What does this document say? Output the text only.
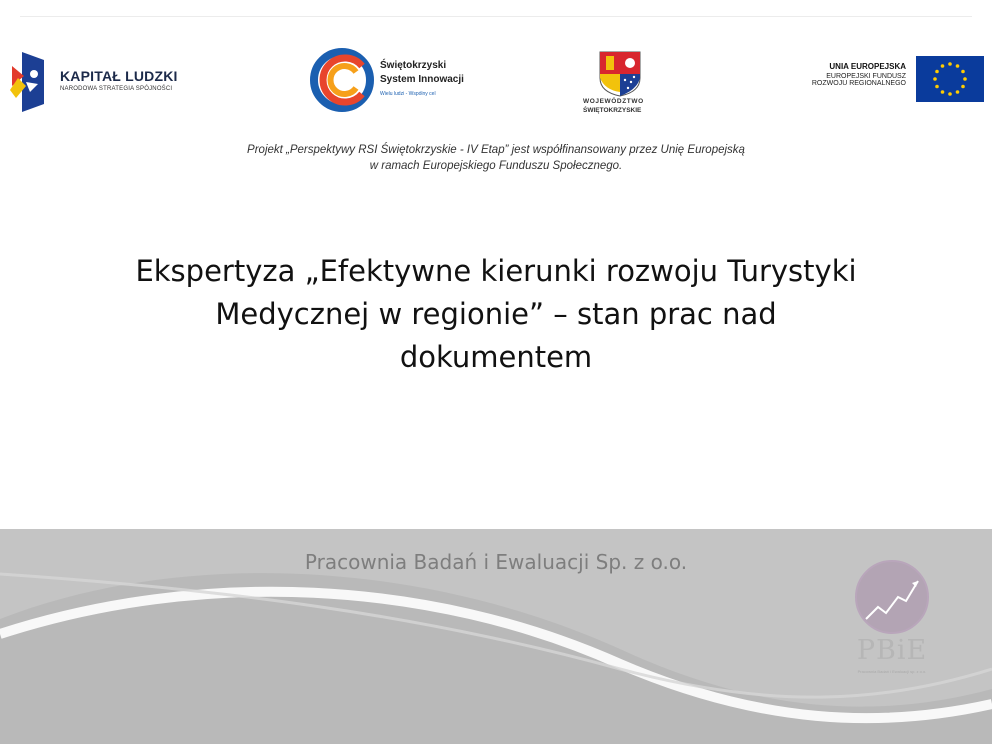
KAPITAŁ LUDZKI
NARODOWA STRATEGIA SPÓJNOŚCI
Świętokrzyski
System Innowacji
Wielu ludzi - Wspólny cel
WOJEWÓDZTWO
ŚWIĘTOKRZYSKIE
UNIA EUROPEJSKA
EUROPEJSKI FUNDUSZ
ROZWOJU REGIONALNEGO
Projekt „Perspektywy RSI Świętokrzyskie - IV Etap” jest współfinansowany przez Unię Europejską
w ramach Europejskiego Funduszu Społecznego.
Ekspertyza „Efektywne kierunki rozwoju Turystyki
Medycznej w regionie” – stan prac nad
dokumentem
Pracownia Badań i Ewaluacji Sp. z o.o.
PBiE
Pracownia Badań i Ewaluacji sp. z o.o.
